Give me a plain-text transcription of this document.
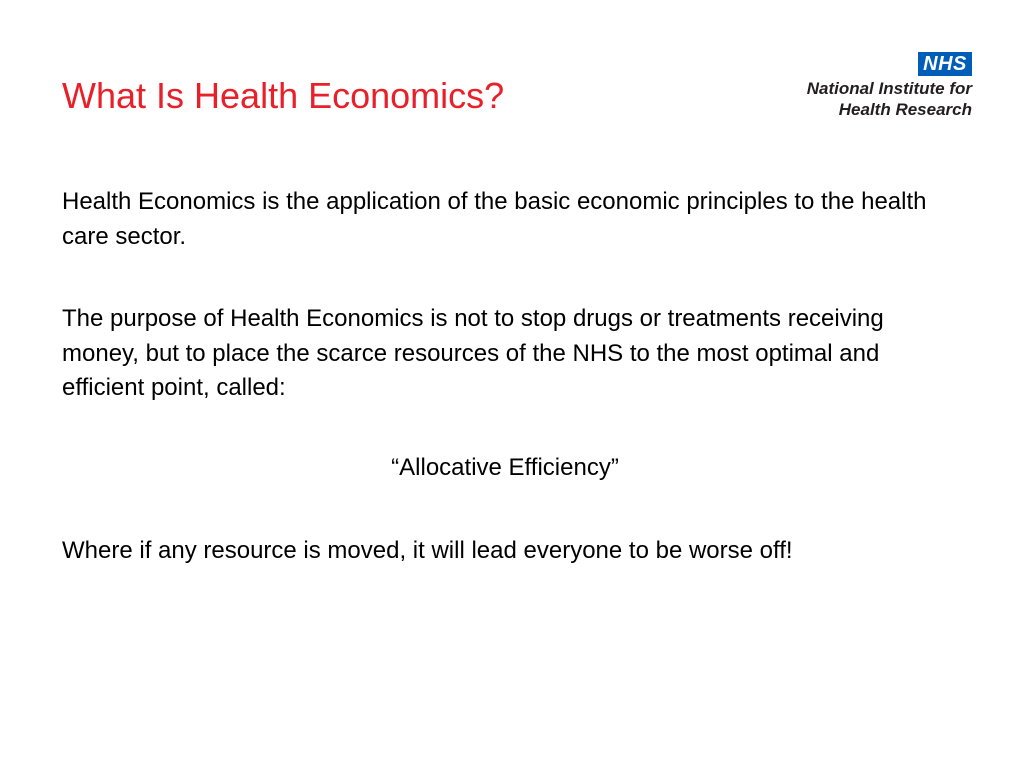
What Is Health Economics?
NHS
National Institute for
Health Research

Health Economics is the application of the basic economic principles to the health care sector.

The purpose of Health Economics is not to stop drugs or treatments receiving money, but to place the scarce resources of the NHS to the most optimal and efficient point, called:

“Allocative Efficiency”

Where if any resource is moved, it will lead everyone to be worse off!
